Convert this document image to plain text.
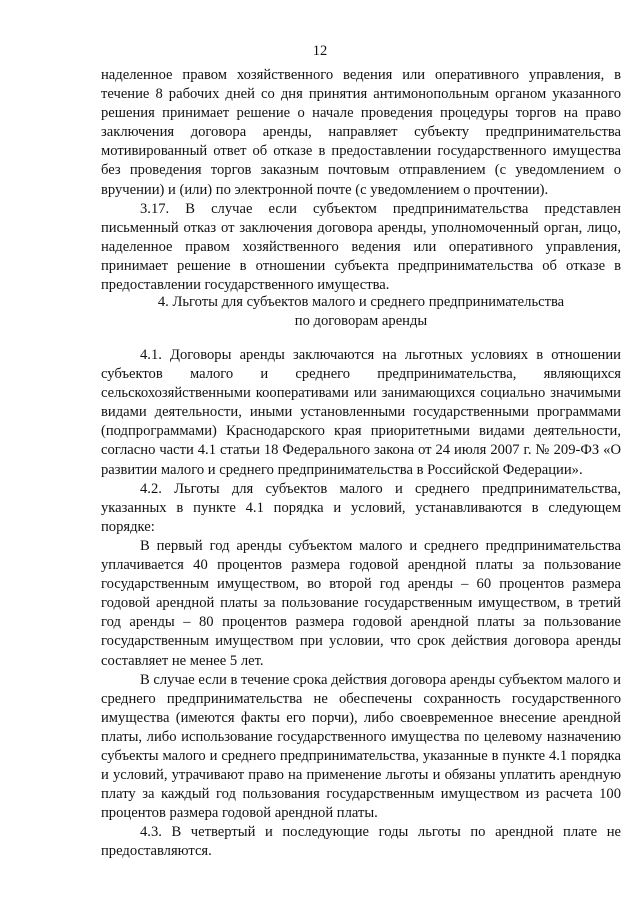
12

наделенное правом хозяйственного ведения или оперативного управления, в течение 8 рабочих дней со дня принятия антимонопольным органом указанного решения принимает решение о начале проведения процедуры торгов на право заключения договора аренды, направляет субъекту предпринимательства мотивированный ответ об отказе в предоставлении государственного имущества без проведения торгов заказным почтовым отправлением (с уведомлением о вручении) и (или) по электронной почте (с уведомлением о прочтении).

3.17. В случае если субъектом предпринимательства представлен письменный отказ от заключения договора аренды, уполномоченный орган, лицо, наделенное правом хозяйственного ведения или оперативного управления, принимает решение в отношении субъекта предпринимательства об отказе в предоставлении государственного имущества.

4. Льготы для субъектов малого и среднего предпринимательства
по договорам аренды

4.1. Договоры аренды заключаются на льготных условиях в отношении субъектов малого и среднего предпринимательства, являющихся сельскохозяйственными кооперативами или занимающихся социально значимыми видами деятельности, иными установленными государственными программами (подпрограммами) Краснодарского края приоритетными видами деятельности, согласно части 4.1 статьи 18 Федерального закона от 24 июля 2007 г. № 209-ФЗ «О развитии малого и среднего предпринимательства в Российской Федерации».

4.2. Льготы для субъектов малого и среднего предпринимательства, указанных в пункте 4.1 порядка и условий, устанавливаются в следующем порядке:

В первый год аренды субъектом малого и среднего предпринимательства уплачивается 40 процентов размера годовой арендной платы за пользование государственным имуществом, во второй год аренды – 60 процентов размера годовой арендной платы за пользование государственным имуществом, в третий год аренды – 80 процентов размера годовой арендной платы за пользование государственным имуществом при условии, что срок действия договора аренды составляет не менее 5 лет.

В случае если в течение срока действия договора аренды субъектом малого и среднего предпринимательства не обеспечены сохранность государственного имущества (имеются факты его порчи), либо своевременное внесение арендной платы, либо использование государственного имущества по целевому назначению субъекты малого и среднего предпринимательства, указанные в пункте 4.1 порядка и условий, утрачивают право на применение льготы и обязаны уплатить арендную плату за каждый год пользования государственным имуществом из расчета 100 процентов размера годовой арендной платы.

4.3. В четвертый и последующие годы льготы по арендной плате не предоставляются.
